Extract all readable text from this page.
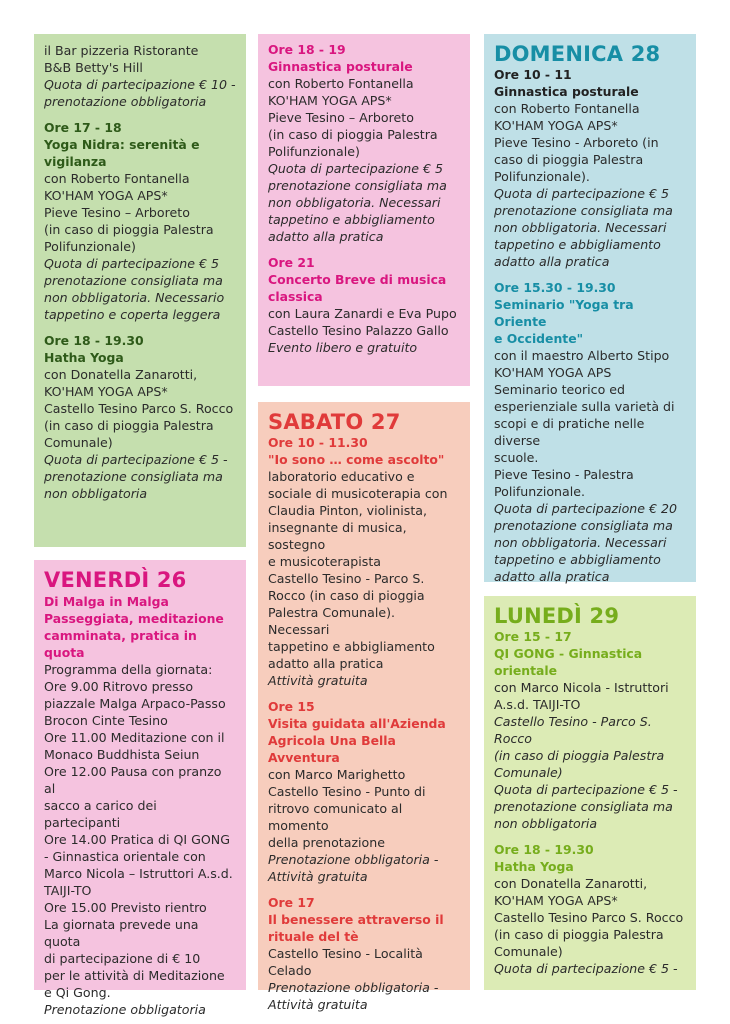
il Bar pizzeria Ristorante
B&B Betty's Hill
Quota di partecipazione € 10 -
prenotazione obbligatoria
Ore 17 - 18
Yoga Nidra: serenità e
vigilanza
con Roberto Fontanella
KO'HAM YOGA APS*
Pieve Tesino – Arboreto
(in caso di pioggia Palestra
Polifunzionale)
Quota di partecipazione € 5
prenotazione consigliata ma
non obbligatoria. Necessario
tappetino e coperta leggera
Ore 18 - 19.30
Hatha Yoga
con Donatella Zanarotti,
KO'HAM YOGA APS*
Castello Tesino Parco S. Rocco
(in caso di pioggia Palestra
Comunale)
Quota di partecipazione € 5 -
prenotazione consigliata ma
non obbligatoria
VENERDÌ 26
Di Malga in Malga
Passeggiata, meditazione
camminata, pratica in
quota
Programma della giornata:
Ore 9.00 Ritrovo presso
piazzale Malga Arpaco-Passo
Brocon Cinte Tesino
Ore 11.00 Meditazione con il
Monaco Buddhista Seiun
Ore 12.00 Pausa con pranzo al
sacco a carico dei partecipanti
Ore 14.00 Pratica di QI GONG
- Ginnastica orientale con
Marco Nicola – Istruttori A.s.d.
TAIJI-TO
Ore 15.00 Previsto rientro
La giornata prevede una quota
di partecipazione di € 10
per le attività di Meditazione
e Qi Gong.
Prenotazione obbligatoria
Ore 18 - 19
Ginnastica posturale
con Roberto Fontanella
KO'HAM YOGA APS*
Pieve Tesino – Arboreto
(in caso di pioggia Palestra
Polifunzionale)
Quota di partecipazione € 5
prenotazione consigliata ma
non obbligatoria. Necessari
tappetino e abbigliamento
adatto alla pratica
Ore 21
Concerto Breve di musica
classica
con Laura Zanardi e Eva Pupo
Castello Tesino Palazzo Gallo
Evento libero e gratuito
SABATO 27
Ore 10 - 11.30
"Io sono … come ascolto"
laboratorio educativo e
sociale di musicoterapia con
Claudia Pinton, violinista,
insegnante di musica, sostegno
e musicoterapista
Castello Tesino - Parco S.
Rocco (in caso di pioggia
Palestra Comunale). Necessari
tappetino e abbigliamento
adatto alla pratica
Attività gratuita
Ore 15
Visita guidata all'Azienda
Agricola Una Bella Avventura
con Marco Marighetto
Castello Tesino - Punto di
ritrovo comunicato al momento
della prenotazione
Prenotazione obbligatoria -
Attività gratuita
Ore 17
Il benessere attraverso il
rituale del tè
Castello Tesino - Località
Celado
Prenotazione obbligatoria -
Attività gratuita
DOMENICA 28
Ore 10 - 11
Ginnastica posturale
con Roberto Fontanella
KO'HAM YOGA APS*
Pieve Tesino - Arboreto (in
caso di pioggia Palestra
Polifunzionale).
Quota di partecipazione € 5
prenotazione consigliata ma
non obbligatoria. Necessari
tappetino e abbigliamento
adatto alla pratica
Ore 15.30 - 19.30
Seminario "Yoga tra Oriente
e Occidente"
con il maestro Alberto Stipo
KO'HAM YOGA APS
Seminario teorico ed
esperienziale sulla varietà di
scopi e di pratiche nelle diverse
scuole.
Pieve Tesino - Palestra
Polifunzionale.
Quota di partecipazione € 20
prenotazione consigliata ma
non obbligatoria. Necessari
tappetino e abbigliamento
adatto alla pratica
LUNEDÌ 29
Ore 15 - 17
QI GONG - Ginnastica
orientale
con Marco Nicola - Istruttori
A.s.d. TAIJI-TO
Castello Tesino - Parco S. Rocco
(in caso di pioggia Palestra
Comunale)
Quota di partecipazione € 5 -
prenotazione consigliata ma
non obbligatoria
Ore 18 - 19.30
Hatha Yoga
con Donatella Zanarotti,
KO'HAM YOGA APS*
Castello Tesino Parco S. Rocco
(in caso di pioggia Palestra
Comunale)
Quota di partecipazione € 5 -
